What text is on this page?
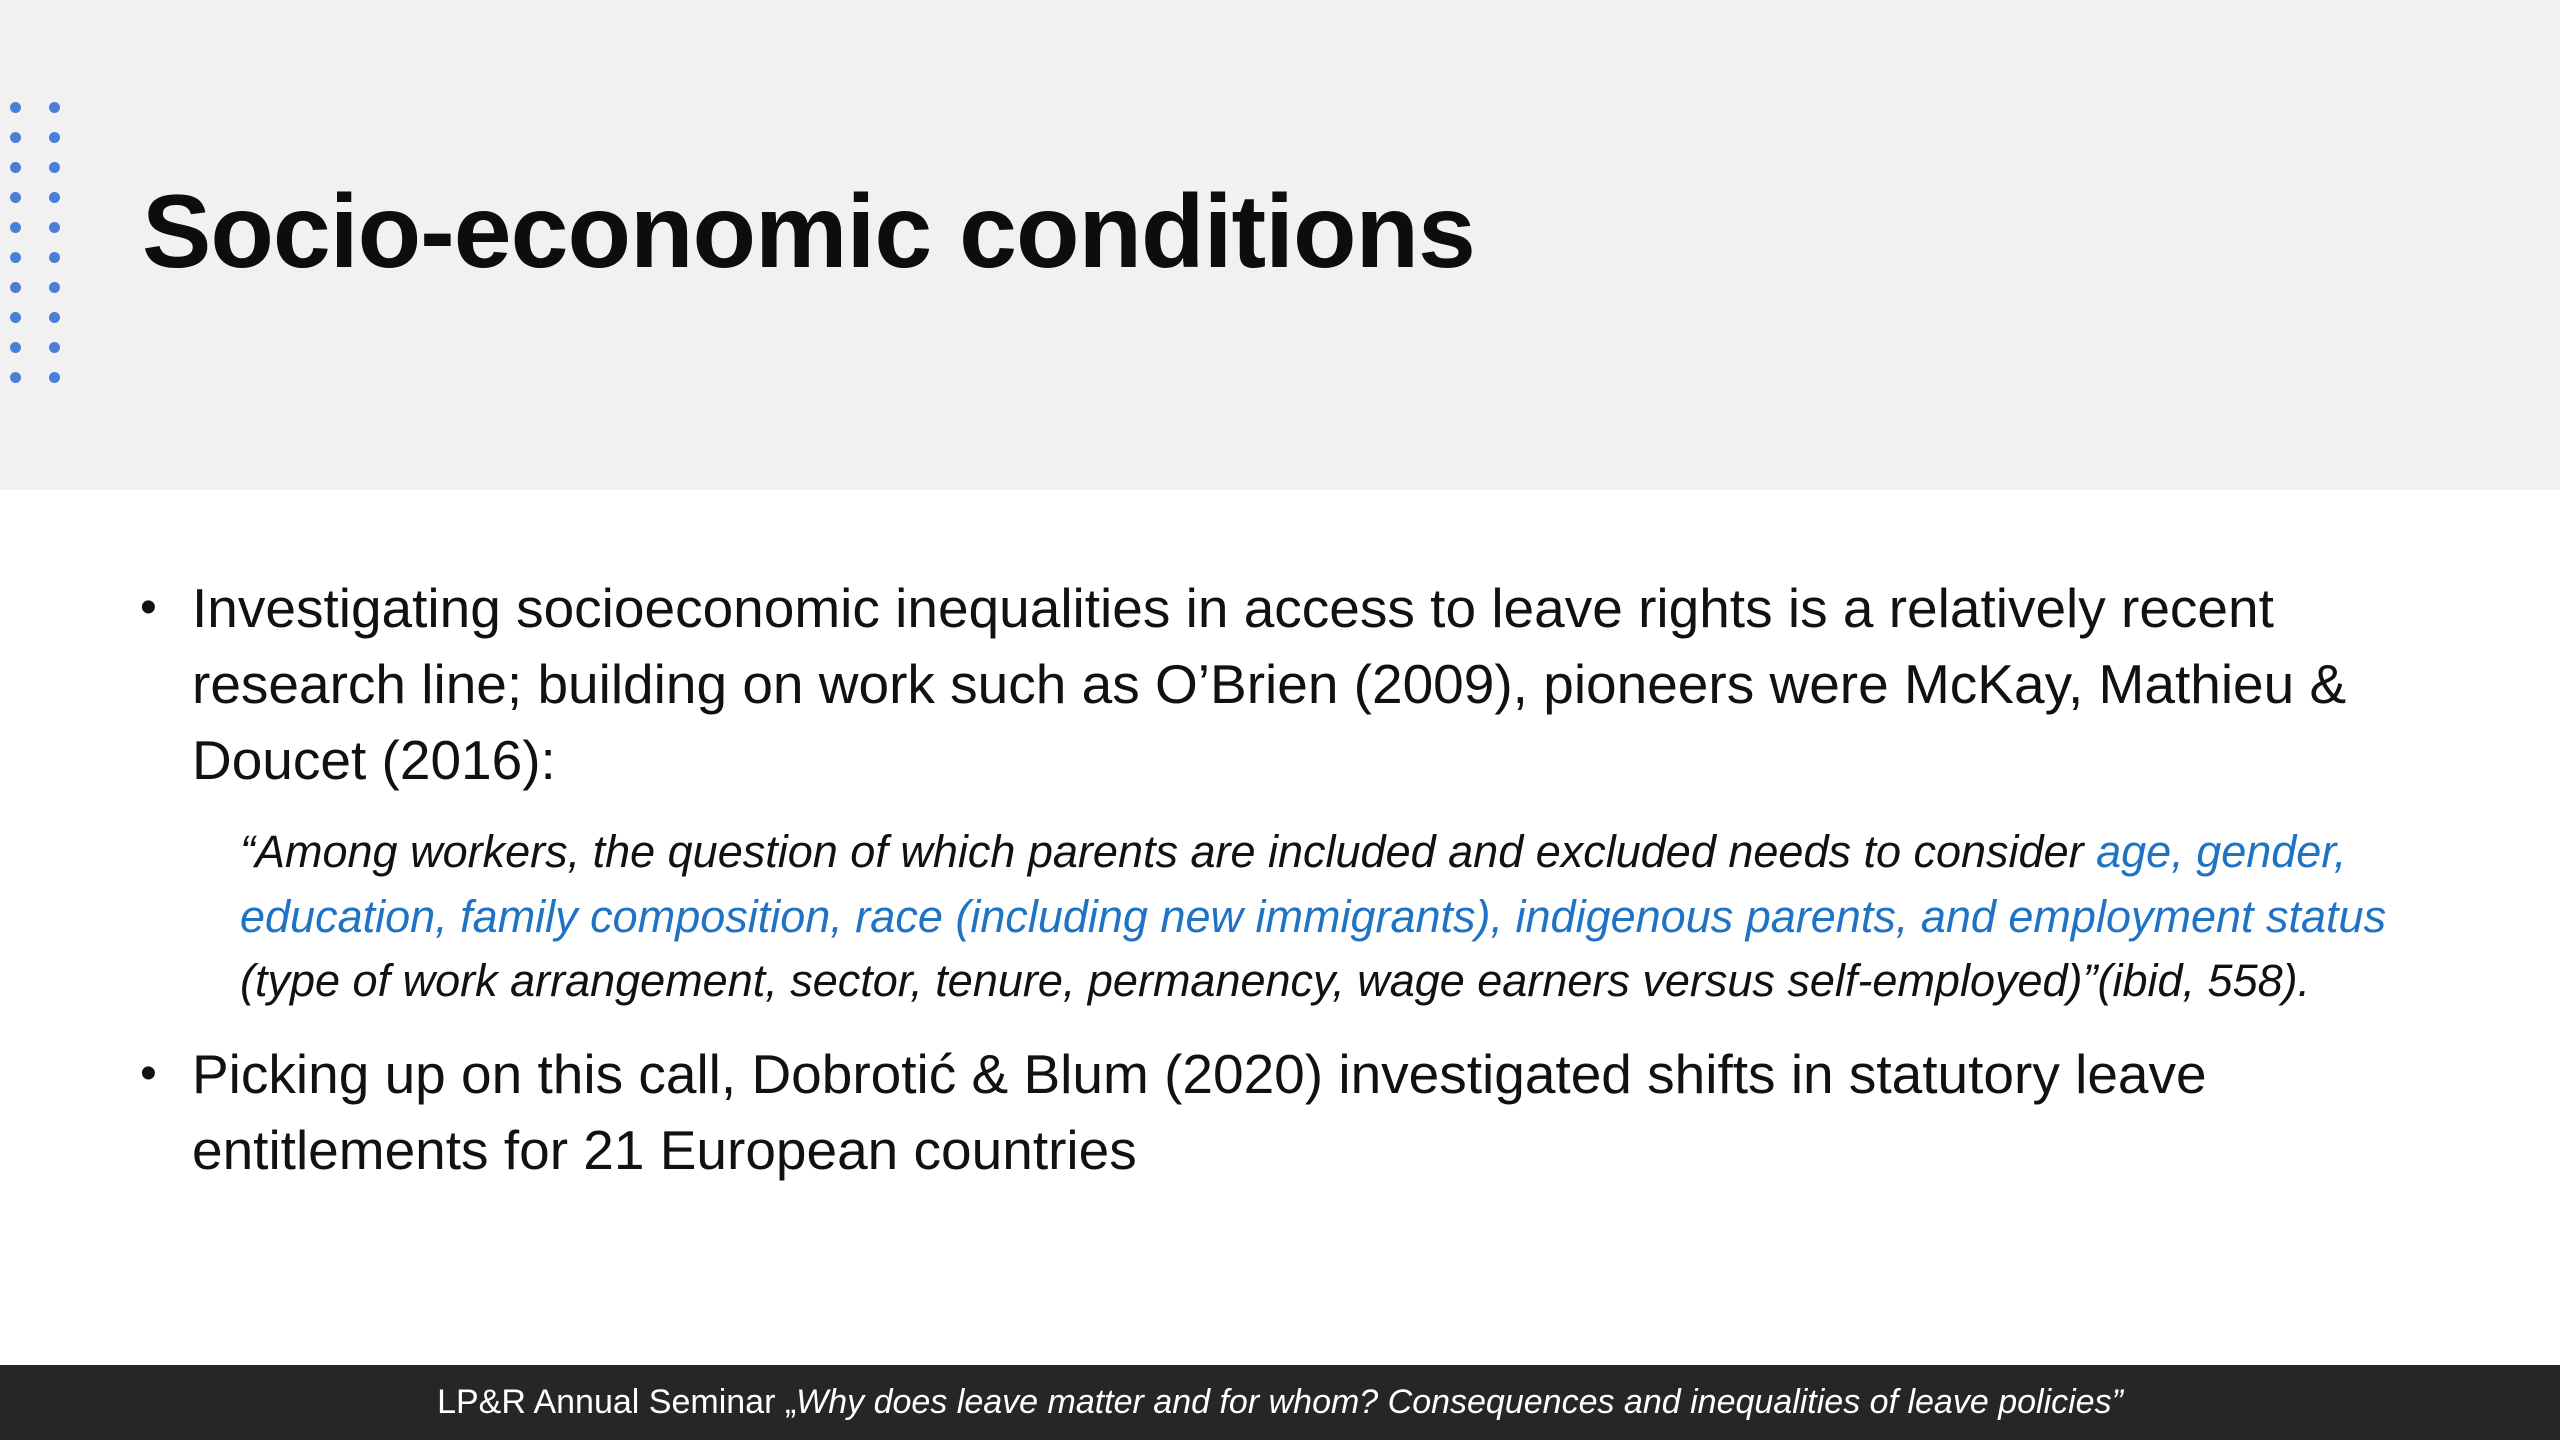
Socio-economic conditions
• Investigating socioeconomic inequalities in access to leave rights is a relatively recent research line; building on work such as O’Brien (2009), pioneers were McKay, Mathieu & Doucet (2016):
“Among workers, the question of which parents are included and excluded needs to consider age, gender, education, family composition, race (including new immigrants), indigenous parents, and employment status (type of work arrangement, sector, tenure, permanency, wage earners versus self-employed)”(ibid, 558).
• Picking up on this call, Dobrotić & Blum (2020) investigated shifts in statutory leave entitlements for 21 European countries
LP&R Annual Seminar „Why does leave matter and for whom? Consequences and inequalities of leave policies”
